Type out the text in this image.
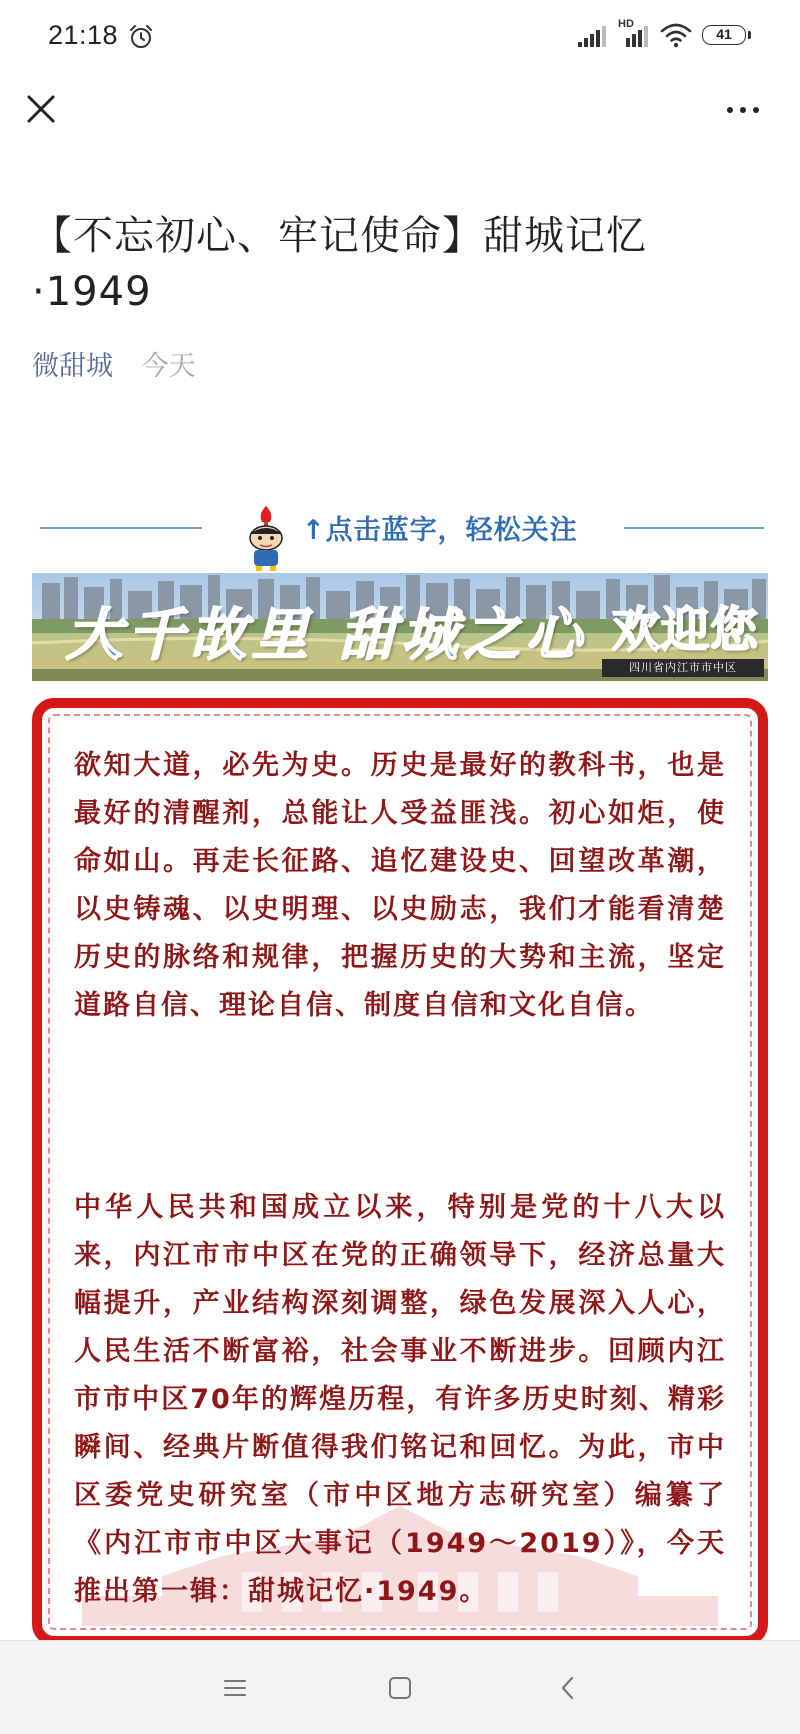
21:18	HD
41
【不忘初心、牢记使命】甜城记忆
·1949
微甜城 今天
↑点击蓝字，轻松关注
大千故里 甜城之心 欢迎您
四川省内江市市中区

欲知大道，必先为史。历史是最好的教科书，也是最好的清醒剂，总能让人受益匪浅。初心如炬，使命如山。再走长征路、追忆建设史、回望改革潮，以史铸魂、以史明理、以史励志，我们才能看清楚历史的脉络和规律，把握历史的大势和主流，坚定道路自信、理论自信、制度自信和文化自信。

中华人民共和国成立以来，特别是党的十八大以来，内江市市中区在党的正确领导下，经济总量大幅提升，产业结构深刻调整，绿色发展深入人心，人民生活不断富裕，社会事业不断进步。回顾内江市市中区70年的辉煌历程，有许多历史时刻、精彩瞬间、经典片断值得我们铭记和回忆。为此，市中区委党史研究室（市中区地方志研究室）编纂了《内江市市中区大事记（1949～2019）》，今天推出第一辑：甜城记忆·1949。
